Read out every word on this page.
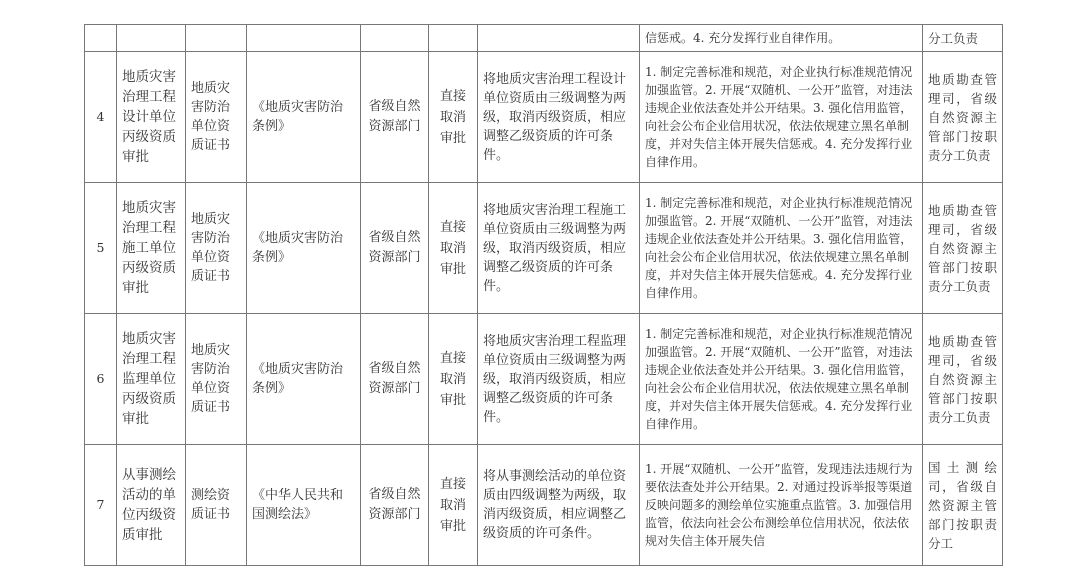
							信惩戒。4. 充分发挥行业自律作用。	分工负责
4	地质灾害治理工程设计单位丙级资质审批	地质灾害防治单位资质证书	《地质灾害防治条例》	省级自然资源部门	直接取消审批	将地质灾害治理工程设计单位资质由三级调整为两级，取消丙级资质，相应调整乙级资质的许可条件。	1. 制定完善标准和规范，对企业执行标准规范情况加强监管。2. 开展“双随机、一公开”监管，对违法违规企业依法查处并公开结果。3. 强化信用监管，向社会公布企业信用状况，依法依规建立黑名单制度，并对失信主体开展失信惩戒。4. 充分发挥行业自律作用。	地质勘查管理司，省级自然资源主管部门按职责分工负责
5	地质灾害治理工程施工单位丙级资质审批	地质灾害防治单位资质证书	《地质灾害防治条例》	省级自然资源部门	直接取消审批	将地质灾害治理工程施工单位资质由三级调整为两级，取消丙级资质，相应调整乙级资质的许可条件。	1. 制定完善标准和规范，对企业执行标准规范情况加强监管。2. 开展“双随机、一公开”监管，对违法违规企业依法查处并公开结果。3. 强化信用监管，向社会公布企业信用状况，依法依规建立黑名单制度，并对失信主体开展失信惩戒。4. 充分发挥行业自律作用。	地质勘查管理司，省级自然资源主管部门按职责分工负责
6	地质灾害治理工程监理单位丙级资质审批	地质灾害防治单位资质证书	《地质灾害防治条例》	省级自然资源部门	直接取消审批	将地质灾害治理工程监理单位资质由三级调整为两级，取消丙级资质，相应调整乙级资质的许可条件。	1. 制定完善标准和规范，对企业执行标准规范情况加强监管。2. 开展“双随机、一公开”监管，对违法违规企业依法查处并公开结果。3. 强化信用监管，向社会公布企业信用状况，依法依规建立黑名单制度，并对失信主体开展失信惩戒。4. 充分发挥行业自律作用。	地质勘查管理司，省级自然资源主管部门按职责分工负责
7	从事测绘活动的单位丙级资质审批	测绘资质证书	《中华人民共和国测绘法》	省级自然资源部门	直接取消审批	将从事测绘活动的单位资质由四级调整为两级，取消丙级资质，相应调整乙级资质的许可条件。	1. 开展“双随机、一公开”监管，发现违法违规行为要依法查处并公开结果。2. 对通过投诉举报等渠道反映问题多的测绘单位实施重点监管。3. 加强信用监管，依法向社会公布测绘单位信用状况，依法依规对失信主体开展失信	国土测绘司，省级自然资源主管部门按职责分工
